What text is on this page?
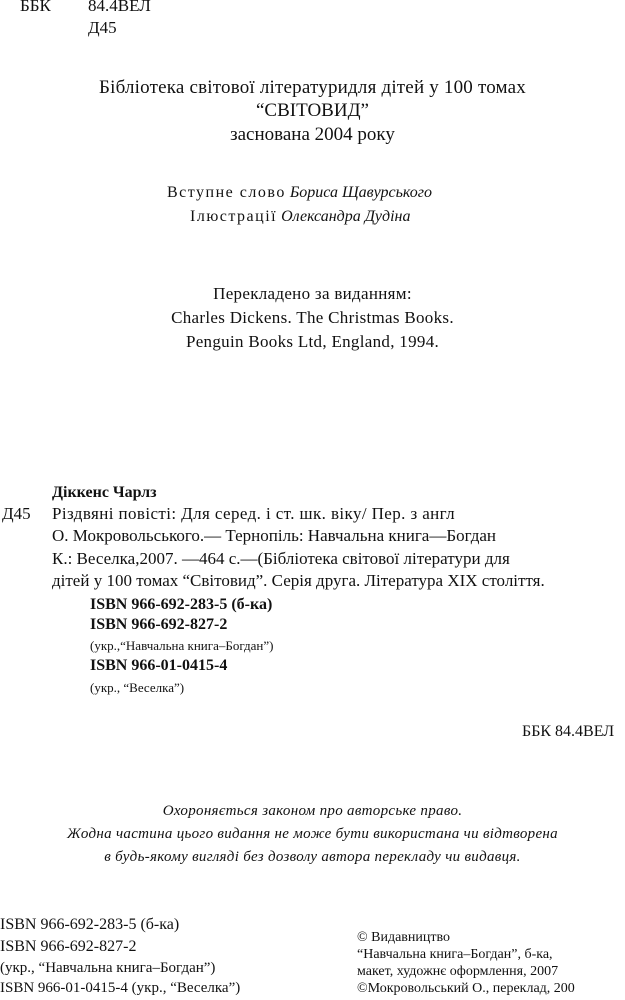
ББК 84.4ВЕЛ
Д45
Бібліотека світової літературидля дітей у 100 томах
“СВІТОВИД”
заснована 2004 року
Вступне слово Бориса Щавурського
Ілюстрації Олександра Дудіна
Перекладено за виданням:
Charles Dickens. The Christmas Books.
Penguin Books Ltd, England, 1994.
Діккенс Чарлз
Д45 Різдвяні повісті: Для серед. і ст. шк. віку/ Пер. з англ
О. Мокровольського.— Тернопіль: Навчальна книга—Богдан
К.: Веселка,2007. —464 с.—(Бібліотека світової літератури для
дітей у 100 томах “Світовид”. Серія друга. Література ХІХ століття.
ISBN 966-692-283-5 (б-ка)
ISBN 966-692-827-2
(укр.,“Навчальна книга–Богдан”)
ISBN 966-01-0415-4
(укр., “Веселка”)
ББК 84.4ВЕЛ
Охороняється законом про авторське право.
Жодна частина цього видання не може бути використана чи відтворена
в будь-якому вигляді без дозволу автора перекладу чи видавця.
ISBN 966-692-283-5 (б-ка)
ISBN 966-692-827-2
(укр., “Навчальна книга–Богдан”)
ISBN 966-01-0415-4 (укр., “Веселка”)
© Видавництво
“Навчальна книга–Богдан”, б-ка,
макет, художнє оформлення, 2007
©Мокровольський О., переклад, 200
